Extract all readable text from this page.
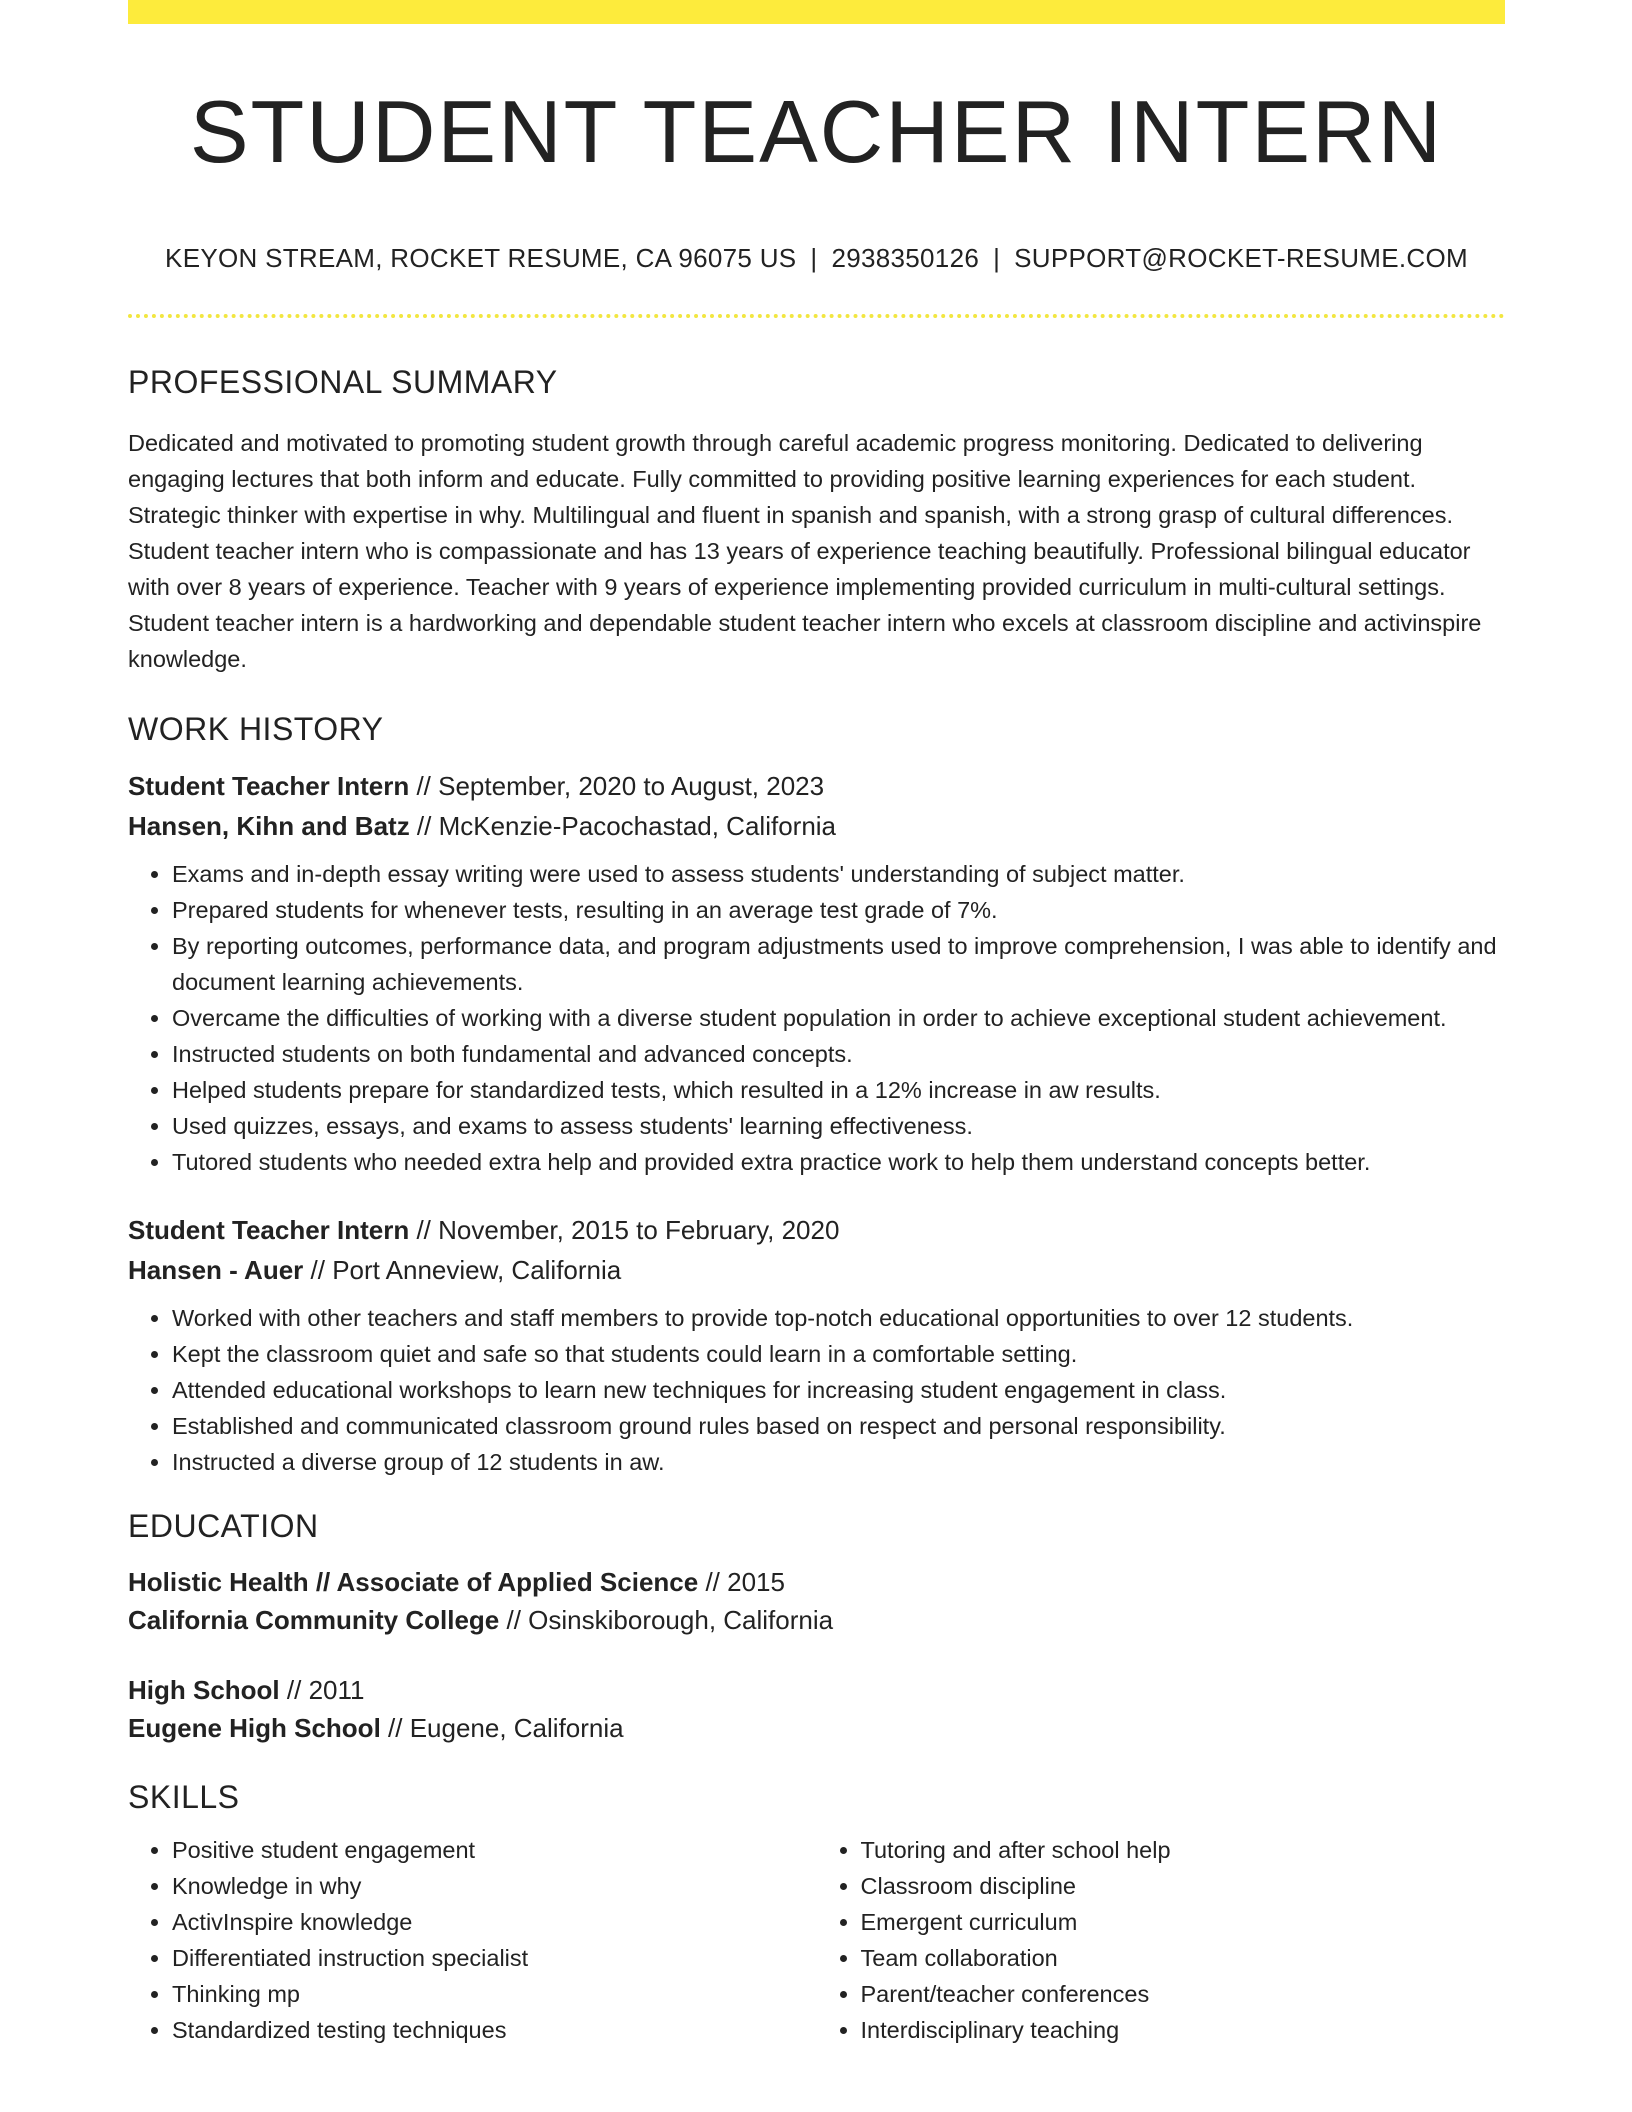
STUDENT TEACHER INTERN
KEYON STREAM, ROCKET RESUME, CA 96075 US | 2938350126 | SUPPORT@ROCKET-RESUME.COM
PROFESSIONAL SUMMARY

Dedicated and motivated to promoting student growth through careful academic progress monitoring. Dedicated to delivering engaging lectures that both inform and educate. Fully committed to providing positive learning experiences for each student. Strategic thinker with expertise in why. Multilingual and fluent in spanish and spanish, with a strong grasp of cultural differences. Student teacher intern who is compassionate and has 13 years of experience teaching beautifully. Professional bilingual educator with over 8 years of experience. Teacher with 9 years of experience implementing provided curriculum in multi-cultural settings. Student teacher intern is a hardworking and dependable student teacher intern who excels at classroom discipline and activinspire knowledge.

WORK HISTORY
Student Teacher Intern // September, 2020 to August, 2023
Hansen, Kihn and Batz // McKenzie-Pacochastad, California
• Exams and in-depth essay writing were used to assess students' understanding of subject matter.
• Prepared students for whenever tests, resulting in an average test grade of 7%.
• By reporting outcomes, performance data, and program adjustments used to improve comprehension, I was able to identify and document learning achievements.
• Overcame the difficulties of working with a diverse student population in order to achieve exceptional student achievement.
• Instructed students on both fundamental and advanced concepts.
• Helped students prepare for standardized tests, which resulted in a 12% increase in aw results.
• Used quizzes, essays, and exams to assess students' learning effectiveness.
• Tutored students who needed extra help and provided extra practice work to help them understand concepts better.
Student Teacher Intern // November, 2015 to February, 2020
Hansen - Auer // Port Anneview, California
• Worked with other teachers and staff members to provide top-notch educational opportunities to over 12 students.
• Kept the classroom quiet and safe so that students could learn in a comfortable setting.
• Attended educational workshops to learn new techniques for increasing student engagement in class.
• Established and communicated classroom ground rules based on respect and personal responsibility.
• Instructed a diverse group of 12 students in aw.
EDUCATION
Holistic Health // Associate of Applied Science // 2015
California Community College // Osinskiborough, California
High School // 2011
Eugene High School // Eugene, California
SKILLS
• Positive student engagement
• Knowledge in why
• ActivInspire knowledge
• Differentiated instruction specialist
• Thinking mp
• Standardized testing techniques
• Tutoring and after school help
• Classroom discipline
• Emergent curriculum
• Team collaboration
• Parent/teacher conferences
• Interdisciplinary teaching
